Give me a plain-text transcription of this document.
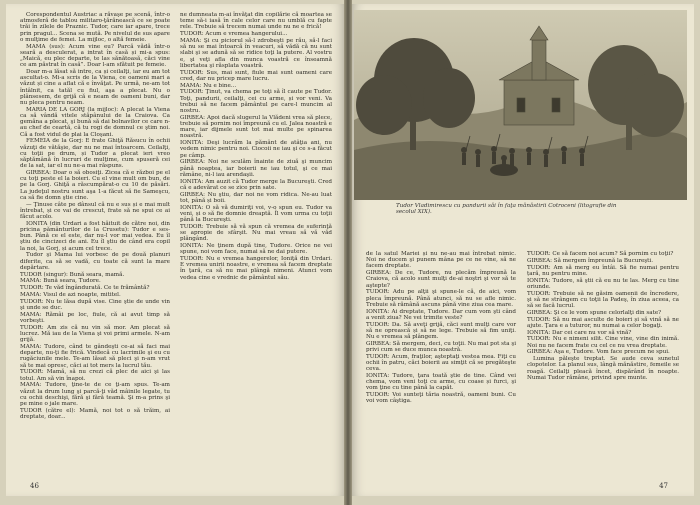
Corespondentul Austriac a răvaşe pe scenă, într-o atmosferă de tablou militaro-ţărănească ce se poate trăi în zilele de Praznic. Tudor, care iar apare, trece prin pragul... Scena se mută. Pe nivelul de sus apare o mulţime de femei. La mijloc, o altă femeie.

MAMA (sus): Acum vine eu? Parcă vădă într-o seară a desculerat, a intrat în casă și mi-a spus: „Maică, eu plec departe, te las sănătoasă, căci vine ce am păstrat în casă”. Doar l-am sfătuit pe femeie.

Doar m-a lăsat să intre, ca și ceilalţi, iar eu am tot ascultat-o. Mi-a scris de la Viena, ce oameni mari a văzut și cine a aflat că e învăţat. Pe urmă, ne-am tot întâlnit, ca tatăl cu fiul, aşa a plecat. Nu o plânsesem, de grijă că e neam de oameni buni, dar nu pleca pentru neam.

MARIA DE LA GORJ (la mijloc): A plecat la Viena ca să vândă vitele stăpânului de la Craiova. Ca gemăna a plecat, şi bună să dai bolnavilor ce care n-au chef de ceartă, că tu rogi de domnul ce ştim noi. Că a fost vidul de plai la Cloşani.

FEMEIA de la Gorj: E frate Ghiţă Răsucu în ochii văzuţi de vătăşie, dar nu ne mai întoarcem. Ceilalţi, cu toţii pe drum, și Tudor a plecat ieri vreo săptămână în lucruri de mulţime, cum spuseră cei de la sat, iar el nu ne-a mai răspuns.

GIRBEA: Doar o să obosiţi. Zicea că e război pe el cu toţi peste el la boieri. Cu el vine mult om bun, de pe la Gorj. Ghiţă a răscumpărat-o cu 10 de păsări. La judeţul nostru sunt aşa 1-a făcut să fie Sameşcu, ca să fie domn ştie cine.

— Ţinuse câte pe dânsul că nu e sus și e mai mult întrebat, și ce vai de crescut, frate să ne spui ce ai făcut acolo.

IONITA (din Urdari a fost hăituit de către noi, din pricina pământurilor de la Crusetu): Tudor e ses-bun. Până ce el este, dar nu-l vor mai vedea. Eu îl ştiu de cincizeci de ani. Eu îl ştiu de când era copil la noi, la Gorj, și acum cel trece.

Tudor şi Mama lui vorbesc de pe două planuri diferite, ca să se vadă, cu toate că sunt la mare depărtare.

TUDOR (singur): Bună seara, mamă.

MAMA: Bună seara, Tudore.

TUDOR: Te văd îngândurată. Ce te frământă?

MAMA: Visul de azi noapte, mititel.

TUDOR: Nu te lăsa după vise. Cine ştie de unde vin şi unde se duc.

MAMA: Rămâi pe loc, fiule, că ai avut timp să vorbeşti.

TUDOR: Am zis că nu vin să mor. Am plecat să lucrez. Mă iau de la Viena şi voi primi armele. N-am grijă.

MAMA: Tudore, când te gândeşti ce-ai să faci mai departe, nu-ţi fie frică. Vindecă cu lacrimile şi eu cu rugăciunile mele. Te-am lăsat să pleci şi n-am vrut să te mai opresc, căci ai tot mers la lucrul tău.

TUDOR: Mamă, să nu crezi că plec de aici şi las totul. Am să vin înapoi.

MAMA: Tudore, ţine-te de ce ţi-am spus. Te-am văzut la drum lung şi parcă-ţi văd mâinile legate, tu cu ochii deschişi, fără şi fără teamă. Şi m-a prins şi pe mine o jale mare.

TUDOR (către el): Mamă, noi tot o să trăim, ai dreptate, doar...

ne dumneata m-ai învăţat din copilărie că moartea se teme să-i iasă în cale celor care nu umblă cu fapte rele. Trebuie să trecem numai unde nu ne e frică!

TUDOR: Acum e vremea hangerului...

MAMA: Şi cu piciorul să-l zdrobeşti pe rău, să-l faci să nu se mai întoarcă în veacuri, să vădă că nu sunt slabi şi se adună să se ridice toţi la putere. Al vostru e, şi veţi afla din munca voastră ce înseamnă libertatea şi răsplata voastră.

TUDOR: Sus, mai sunt, fiule mai sunt oameni care cred, dar nu pricep mare lucru.

MAMA: Nu e bine...

TUDOR: Ţinut, va chema pe toţi să îl caute pe Tudor. Toţi, pandurii, ceilalţi, cei cu arme, și vor veni. Va trebui să ne facem pământul pe care-l muncim al nostru.

GIRBEA: Apoi dacă slugerul la Vlădeni vrea să plece, trebuie să pornim noi împreună cu el. Jalea noastră e mare, iar dijmele sunt tot mai multe pe spinarea noastră.

IONITA: Deşi lucrăm la pământ de atâţia ani, nu vedem nimic pentru noi. Ciocoii ne iau şi ce s-a făcut pe câmp.

GIRBEA: Noi ne sculăm înainte de ziuă şi muncim până noaptea, iar boierii ne iau totul, şi ce mai rămâne, ni-l iau arendaşii.

IONITA: Am auzit că Tudor merge la Bucureşti. Cred că e adevărat ce se zice prin sate.

GIRBEA: Nu ştiu, dar noi ne vom ridica. Ne-au luat tot, până și boii.

IONITA: O să vă dumiriţi voi, v-o spun eu. Tudor va veni, și o să fie domnie dreaptă. Îl vom urma cu toţii până la Bucureşti.

TUDOR: Trebuie să vă spun că vremea de suferinţă se apropie de sfârşit. Nu mai vreau să vă văd plângând.

IONITA: Ne ţinem după tine, Tudore. Orice ne vei spune, noi vom face, numai să ne dai putere.

TUDOR: Nu e vremea hangerelor, Ioniţă din Urdari. E vremea unirii noastre, e vremea să facem dreptate în ţară, ca să nu mai plângă nimeni. Atunci vom vedea cine e vrednic de pământul său.

46
Tudor Vladimirescu cu pandurii săi în faţa mănăstirii Cotroceni (litografie din
secolul XIX).

de la satul Mariei și nu ne-au mai întrebat nimic. Noi ne ducem şi punem mâna pe ce ne vine, să ne facem dreptate.

GIRBEA: De ce, Tudore, nu plecăm împreună la Craiova, că acolo sunt mulţi de-ai noştri şi vor să te aştepte?

TUDOR: Adu pe alţii şi spune-le că, de aici, vom pleca împreună. Până atunci, să nu se afle nimic. Trebuie să rămână ascuns până vine ziua cea mare.

IONITA: Ai dreptate, Tudore. Dar cum vom şti când a venit ziua? Ne vei trimite veste?

TUDOR: Da. Să aveţi grijă, căci sunt mulţi care vor să ne oprească și să ne lege. Trebuie să fim uniţi. Nu e vremea să plângem.

GIRBEA: Să mergem, deci, cu toţii. Nu mai pot sta şi privi cum se duce munca noastră.

TUDOR: Acum, fraţilor, aşteptaţi vestea mea. Fiţi cu ochii în patru, căci boierii au simţit că se pregăteşte ceva.

IONITA: Tudore, ţara toată ştie de tine. Când vei chema, vom veni toţi cu arme, cu coase și furci, şi vom ţine cu tine până la capăt.

TUDOR: Voi sunteţi tăria noastră, oameni buni. Cu voi vom câştiga.

TUDOR: Ce să facem noi acum? Să pornim cu toţii?

GIRBEA: Să mergem împreună la Bucureşti.

TUDOR: Am să merg eu întâi. Să fie numai pentru țară, nu pentru mine.

IONITA: Tudore, să ştii că eu nu te las. Merg cu tine oriunde.

TUDOR: Trebuie să ne găsim oamenii de încredere, şi să ne strângem cu toţii la Padeş, în ziua aceea, ca să se facă lucrul.

GIRBEA: Şi ce le vom spune celorlalţi din sate?

TUDOR: Să nu mai asculte de boieri și să vină să ne ajute. Ţara e a tuturor, nu numai a celor bogaţi.

IONITA: Dar cei care nu vor să vină?

TUDOR: Nu e nimeni silit. Cine vine, vine din inimă. Noi nu ne facem frate cu cel ce nu vrea dreptate.

GIRBEA: Aşa e, Tudore. Vom face precum ne spui.

Lumina păleşte treptat. Se aude ceva sunetul clopotelor. La planul sus, lângă mănăstire, femeile se roagă. Ceilalţi pleacă încet, dispărând în noapte. Numai Tudor rămâne, privind spre munte.

47
